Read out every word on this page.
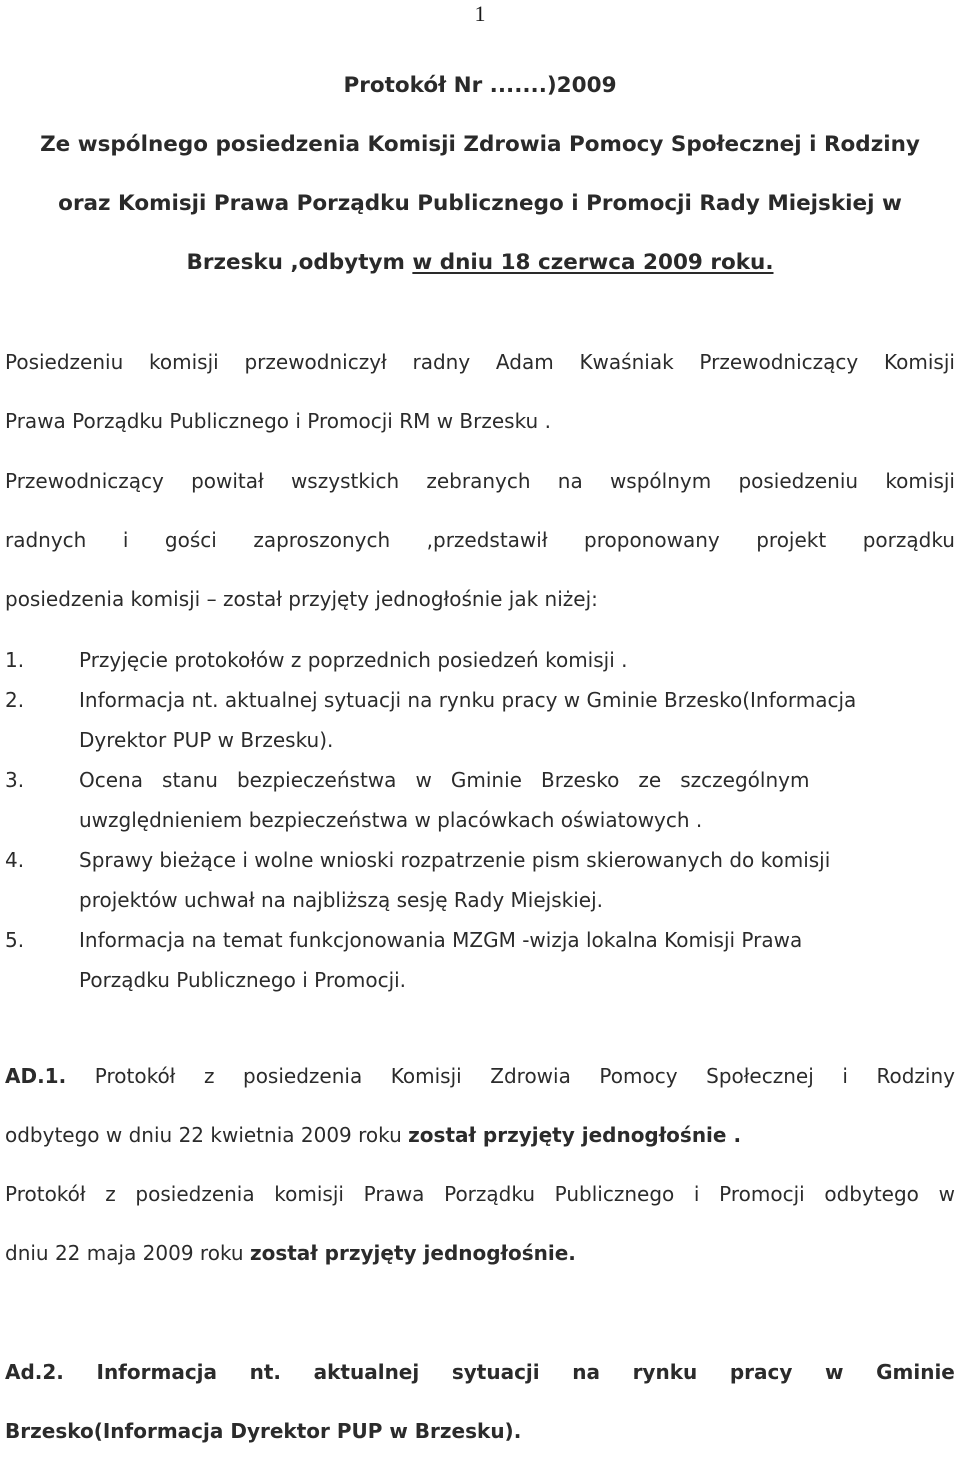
1
Protokół Nr .......)2009
Ze wspólnego posiedzenia Komisji Zdrowia Pomocy Społecznej i Rodziny
oraz Komisji Prawa Porządku Publicznego i Promocji Rady Miejskiej w
Brzesku ,odbytym w dniu 18 czerwca 2009 roku.
Posiedzeniu komisji przewodniczył radny Adam Kwaśniak Przewodniczący Komisji
Prawa Porządku Publicznego i Promocji RM w Brzesku .
Przewodniczący powitał wszystkich zebranych na wspólnym posiedzeniu komisji
radnych i gości zaproszonych ,przedstawił proponowany projekt porządku
posiedzenia komisji – został przyjęty jednogłośnie jak niżej:
1.	Przyjęcie protokołów z poprzednich posiedzeń komisji .
2.	Informacja nt. aktualnej sytuacji na rynku pracy w Gminie Brzesko(Informacja
Dyrektor PUP w Brzesku).
3.	Ocena   stanu   bezpieczeństwa   w   Gminie   Brzesko   ze   szczególnym
uwzględnieniem bezpieczeństwa w placówkach oświatowych .
4.	Sprawy bieżące i wolne wnioski rozpatrzenie pism skierowanych do komisji
projektów uchwał na najbliższą sesję Rady Miejskiej.
5.	Informacja na temat funkcjonowania MZGM -wizja lokalna Komisji Prawa
Porządku Publicznego i Promocji.
AD.1. Protokół z posiedzenia Komisji Zdrowia Pomocy Społecznej i Rodziny
odbytego w dniu 22 kwietnia 2009 roku został przyjęty jednogłośnie .
Protokół z posiedzenia komisji Prawa Porządku Publicznego i Promocji odbytego w
dniu 22 maja 2009 roku został przyjęty jednogłośnie.
Ad.2. Informacja nt. aktualnej sytuacji na rynku pracy w Gminie
Brzesko(Informacja Dyrektor PUP w Brzesku).
